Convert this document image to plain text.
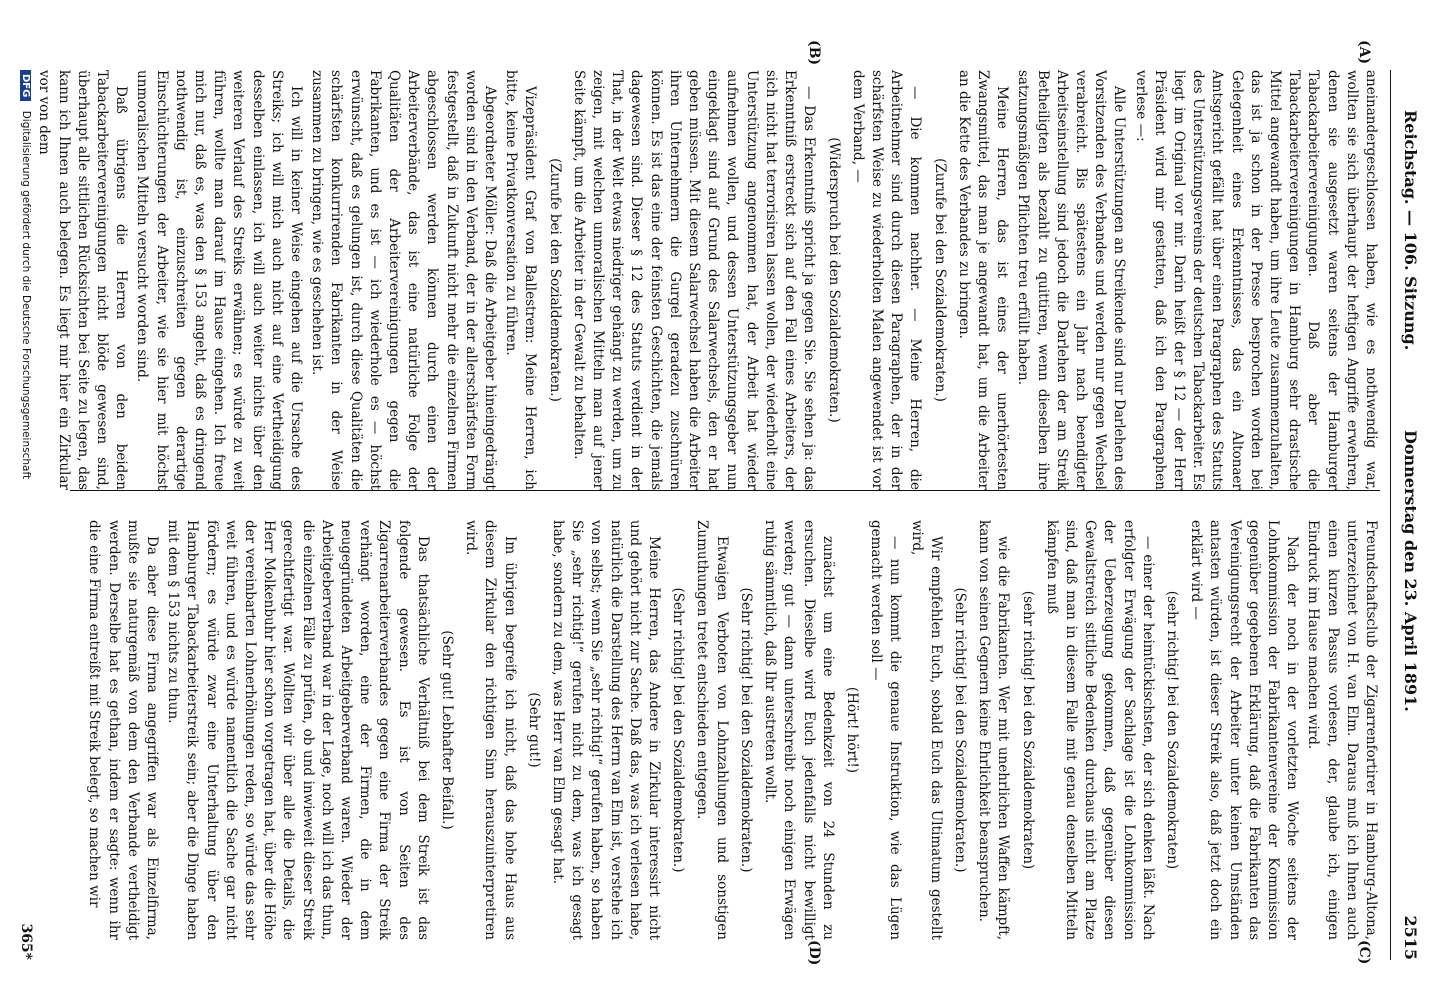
Reichstag. — 106. Sitzung.
Donnerstag den 23. April 1891.
2515
(A)
(B)
(C)
(D)

aneinandergeschlossen haben, wie es nothwendig war, wollten sie sich überhaupt der heftigen Angriffe erwehren, denen sie ausgesetzt waren seitens der Hamburger Tabackarbeitervereinigungen. Daß aber die Tabackarbeitervereinigungen in Hamburg sehr drastische Mittel angewandt haben, um ihre Leute zusammenzuhalten, das ist ja schon in der Presse besprochen worden bei Gelegenheit eines Erkenntnisses, das ein Altonaer Amtsgericht gefällt hat über einen Paragraphen des Statuts des Unterstützungsvereins der deutschen Tabackarbeiter. Es liegt im Original vor mir. Darin heißt der § 12 — der Herr Präsident wird mir gestatten, daß ich den Paragraphen verlese —:

Alle Unterstützungen an Streikende sind nur Darlehen des Vorsitzenden des Verbandes und werden nur gegen Wechsel verabreicht. Bis spätestens ein Jahr nach beendigter Arbeitseinstellung sind jedoch die Darlehen der am Streik Betheiligten als bezahlt zu quittiren, wenn dieselben ihre satzungsmäßigen Pflichten treu erfüllt haben.

Meine Herren, das ist eines der unerhörtesten Zwangsmittel, das man je angewandt hat, um die Arbeiter an die Kette des Verbandes zu bringen.

(Zurufe bei den Sozialdemokraten.)

— Die kommen nachher. — Meine Herren, die Arbeitnehmer sind durch diesen Paragraphen, der in der schärfsten Weise zu wiederholten Malen angewendet ist vor dem Verband, —

(Widerspruch bei den Sozialdemokraten.)

— Das Erkenntniß spricht ja gegen Sie. Sie sehen ja: das Erkenntniß erstreckt sich auf den Fall eines Arbeiters, der sich nicht hat terrorisiren lassen wollen, der wiederholt eine Unterstützung angenommen hat, der Arbeit hat wieder aufnehmen wollen, und dessen Unterstützungsgeber nun eingeklagt sind auf Grund des Salarwechsels, den er hat geben müssen. Mit diesem Salarwechsel haben die Arbeiter ihren Unternehmern die Gurgel geradezu zuschnüren können. Es ist das eine der feinsten Geschichten, die jemals dagewesen sind. Dieser § 12 des Statuts verdient in der That, in der Welt etwas niedriger gehängt zu werden, um zu zeigen, mit welchen unmoralischen Mitteln man auf jener Seite kämpft, um die Arbeiter in der Gewalt zu behalten.

(Zurufe bei den Sozialdemokraten.)

Vizepräsident Graf von Ballestrem: Meine Herren, ich bitte, keine Privatkonversation zu führen.

Abgeordneter Möller: Daß die Arbeitgeber hineingedrängt worden sind in den Verband, der in der allerschärfsten Form festgestellt, daß in Zukunft nicht mehr die einzelnen Firmen abgeschlossen werden können durch einen der Arbeiterverbände, das ist eine natürliche Folge der Qualitäten der Arbeitervereinigungen gegen die Fabrikanten, und es ist — ich wiederhole es — höchst erwünscht, daß es gelungen ist, durch diese Qualitäten die schärfsten konkurrirenden Fabrikanten in der Weise zusammen zu bringen, wie es geschehen ist.

Ich will in keiner Weise eingehen auf die Ursache des Streiks; ich will mich auch nicht auf eine Vertheidigung desselben einlassen, ich will auch weiter nichts über den weiteren Verlauf des Streiks erwähnen; es würde zu weit führen, wollte man darauf im Hause eingehen. Ich freue mich nur, daß es, was den § 153 angeht, daß es dringend nothwendig ist, einzuschreiten gegen derartige Einschüchterungen der Arbeiter, wie sie hier mit höchst unmoralischen Mitteln versucht worden sind.

Daß übrigens die Herren von den beiden Tabackarbeitervereinigungen nicht blöde gewesen sind, überhaupt alle sittlichen Rücksichten bei Seite zu legen, das kann ich Ihnen auch belegen. Es liegt mir hier ein Zirkular vor von dem

Freundschaftsclub der Zigarrenfortirer in Hamburg-Altona, unterzeichnet von H. van Elm. Daraus muß ich Ihnen auch einen kurzen Passus vorlesen, der, glaube ich, einigen Eindruck im Hause machen wird.

Nach der noch in der vorletzten Woche seitens der Lohnkommission der Fabrikantenvereine der Kommission gegenüber gegebenen Erklärung, daß die Fabrikanten das Vereinigungsrecht der Arbeiter unter keinen Umständen antasten würden, ist dieser Streik also, daß jetzt doch ein erklärt wird —

(sehr richtig! bei den Sozialdemokraten)

— einer der heimtückischsten, der sich denken läßt. Nach erfolgter Erwägung der Sachlage ist die Lohnkommission der Ueberzeugung gekommen, daß gegenüber diesen Gewaltstreich sittliche Bedenken durchaus nicht am Platze sind, daß man in diesem Falle mit genau denselben Mitteln kämpfen muß

(sehr richtig! bei den Sozialdemokraten)

wie die Fabrikanten. Wer mit unehrlichen Waffen kämpft, kann von seinen Gegnern keine Ehrlichkeit beanspruchen.

(Sehr richtig! bei den Sozialdemokraten.)

Wir empfehlen Euch, sobald Euch das Ultimatum gestellt wird,

— nun kommt die genaue Instruktion, wie das Lügen gemacht werden soll —

(Hört! hört!)

zunächst um eine Bedenkzeit von 24 Stunden zu ersuchen. Dieselbe wird Euch jedenfalls nicht bewilligt werden; gut — dann unterschreibt noch einigen Erwägen ruhig sämmtlich, daß Ihr austreten wollt.

(Sehr richtig! bei den Sozialdemokraten.)

Etwaigen Verboten von Lohnzahlungen und sonstigen Zumuthungen tretet entschieden entgegen.

(Sehr richtig! bei den Sozialdemokraten.)

Meine Herren, das Andere in Zirkular interessirt nicht und gehört nicht zur Sache. Daß das, was ich verlesen habe, natürlich die Darstellung des Herrn van Elm ist, verstehe ich von selbst; wenn Sie „sehr richtig!“ gerufen haben, so haben Sie „sehr richtig!“ gerufen nicht zu dem, was ich gesagt habe, sondern zu dem, was Herr van Elm gesagt hat.

(Sehr gut!)

Im übrigen begreife ich nicht, daß das hohe Haus aus diesem Zirkular den richtigen Sinn herauszuinterpretiren wird.

(Sehr gut! Lebhafter Beifall.)

Das thatsächliche Verhältniß bei dem Streik ist das folgende gewesen. Es ist von Seiten des Zigarrenarbeiterverbandes gegen eine Firma der Streik verhängt worden, eine der Firmen, die in dem neugegründeten Arbeitgeberverband waren. Wieder der Arbeitgeberverband war in der Lage, noch will ich das thun, die einzelnen Fälle zu prüfen, ob und inwieweit dieser Streik gerechtfertigt war. Wollten wir über alle die Details, die Herr Molkenbuhr hier schon vorgetragen hat, über die Höhe der vereinbarten Lohnerhöhungen reden, so würde das sehr weit führen, und es würde namentlich die Sache gar nicht fördern; es würde zwar eine Unterhaltung über den Hamburger Tabackarbeiterstreik sein; aber die Dinge haben mit dem § 153 nichts zu thun.

Da aber diese Firma angegriffen war als Einzelfirma, mußte sie naturgemäß von dem den Verbande vertheidigt werden. Derselbe hat es gethan, indem er sagte: wenn ihr die eine Firma entreißt mit Streik belegt, so machen wir

365*
DFG Digitalisierung gefördert durch die Deutsche Forschungsgemeinschaft
